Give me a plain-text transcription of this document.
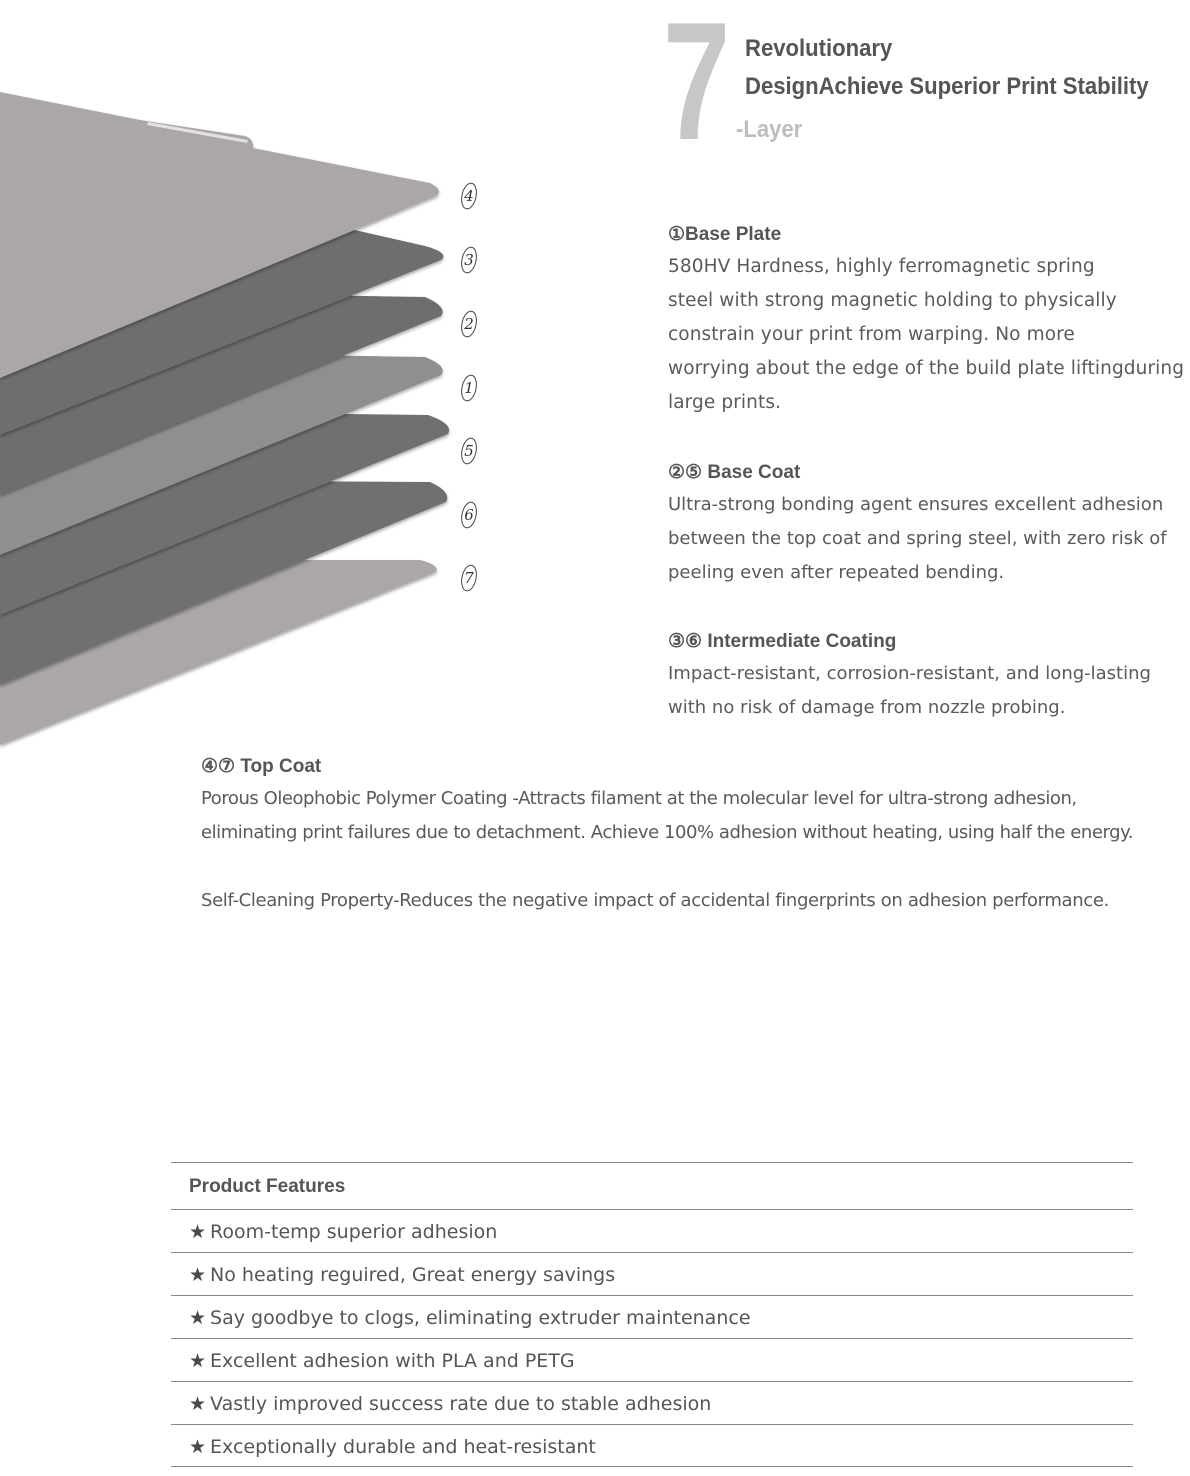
4
3
2
1
5
6
7
7 Revolutionary
DesignAchieve Superior Print Stability
-Layer
①Base Plate

580HV Hardness, highly ferromagnetic spring
steel with strong magnetic holding to physically
constrain your print from warping. No more
worrying about the edge of the build plate liftingduring
large prints.

②⑤ Base Coat

Ultra-strong bonding agent ensures excellent adhesion
between the top coat and spring steel, with zero risk of
peeling even after repeated bending.

③⑥ Intermediate Coating

Impact-resistant, corrosion-resistant, and long-lasting
with no risk of damage from nozzle probing.

④⑦ Top Coat

Porous Oleophobic Polymer Coating -Attracts filament at the molecular level for ultra-strong adhesion,
eliminating print failures due to detachment. Achieve 100% adhesion without heating, using half the energy.

Self-Cleaning Property-Reduces the negative impact of accidental fingerprints on adhesion performance.

Product Features
★ Room-temp superior adhesion
★ No heating reguired, Great energy savings
★ Say goodbye to clogs, eliminating extruder maintenance
★ Excellent adhesion with PLA and PETG
★ Vastly improved success rate due to stable adhesion
★ Exceptionally durable and heat-resistant
